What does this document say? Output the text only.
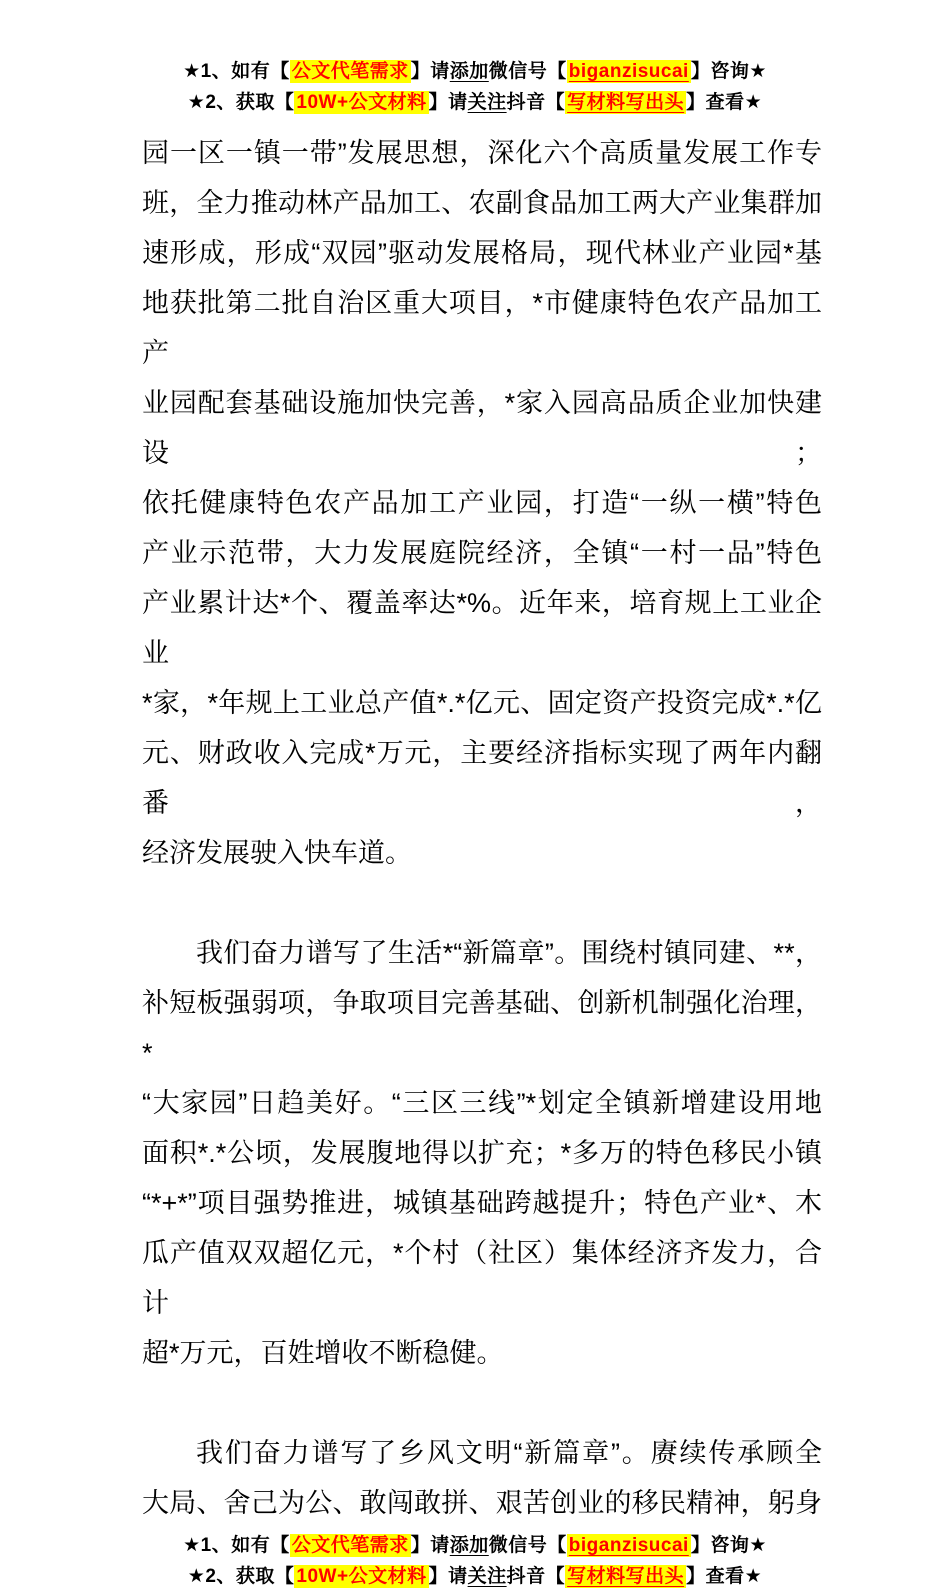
★1、如有【 公文代笔需求 】请添加微信号【 biganzisucai 】咨询★
★2、获取【 10W+公文材料 】请关注抖音【 写材料写出头 】查看★
园一区一镇一带”发展思想，深化六个高质量发展工作专
班，全力推动林产品加工、农副食品加工两大产业集群加
速形成，形成“双园”驱动发展格局，现代林业产业园*基
地获批第二批自治区重大项目，*市健康特色农产品加工产
业园配套基础设施加快完善，*家入园高品质企业加快建设；
依托健康特色农产品加工产业园，打造“一纵一横”特色
产业示范带，大力发展庭院经济，全镇“一村一品”特色
产业累计达*个、覆盖率达*%。近年来，培育规上工业企业
*家，*年规上工业总产值*.*亿元、固定资产投资完成*.*亿
元、财政收入完成*万元，主要经济指标实现了两年内翻番，
经济发展驶入快车道。
我们奋力谱写了生活*“新篇章”。围绕村镇同建、**，
补短板强弱项，争取项目完善基础、创新机制强化治理，*
“大家园”日趋美好。“三区三线”*划定全镇新增建设用地
面积*.*公顷，发展腹地得以扩充；*多万的特色移民小镇
“*+*”项目强势推进，城镇基础跨越提升；特色产业*、木
瓜产值双双超亿元，*个村（社区）集体经济齐发力，合计
超*万元，百姓增收不断稳健。
我们奋力谱写了乡风文明“新篇章”。赓续传承顾全
大局、舍己为公、敢闯敢拼、艰苦创业的移民精神，躬身
★1、如有【 公文代笔需求 】请添加微信号【 biganzisucai 】咨询★
★2、获取【 10W+公文材料 】请关注抖音【 写材料写出头 】查看★
